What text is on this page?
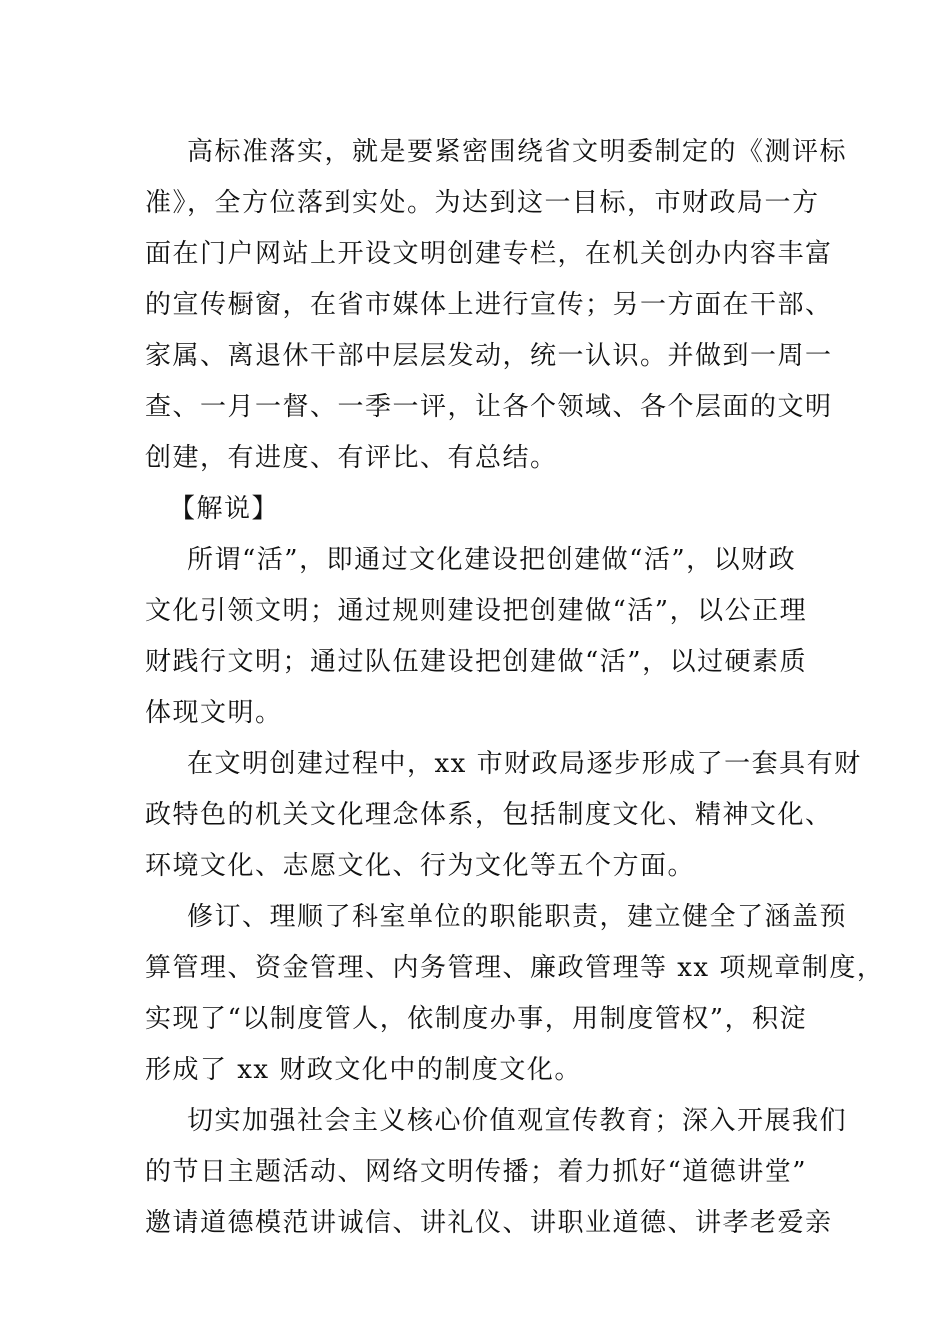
高标准落实，就是要紧密围绕省文明委制定的《测评标
准》，全方位落到实处。为达到这一目标，市财政局一方
面在门户网站上开设文明创建专栏，在机关创办内容丰富
的宣传橱窗，在省市媒体上进行宣传；另一方面在干部、
家属、离退休干部中层层发动，统一认识。并做到一周一
查、一月一督、一季一评，让各个领域、各个层面的文明
创建，有进度、有评比、有总结。
【解说】
所谓“活”，即通过文化建设把创建做“活”，以财政
文化引领文明；通过规则建设把创建做“活”，以公正理
财践行文明；通过队伍建设把创建做“活”，以过硬素质
体现文明。
在文明创建过程中，xx 市财政局逐步形成了一套具有财
政特色的机关文化理念体系，包括制度文化、精神文化、
环境文化、志愿文化、行为文化等五个方面。
修订、理顺了科室单位的职能职责，建立健全了涵盖预
算管理、资金管理、内务管理、廉政管理等 xx 项规章制度，
实现了“以制度管人，依制度办事，用制度管权”，积淀
形成了 xx 财政文化中的制度文化。
切实加强社会主义核心价值观宣传教育；深入开展我们
的节日主题活动、网络文明传播；着力抓好“道德讲堂”
邀请道德模范讲诚信、讲礼仪、讲职业道德、讲孝老爱亲
